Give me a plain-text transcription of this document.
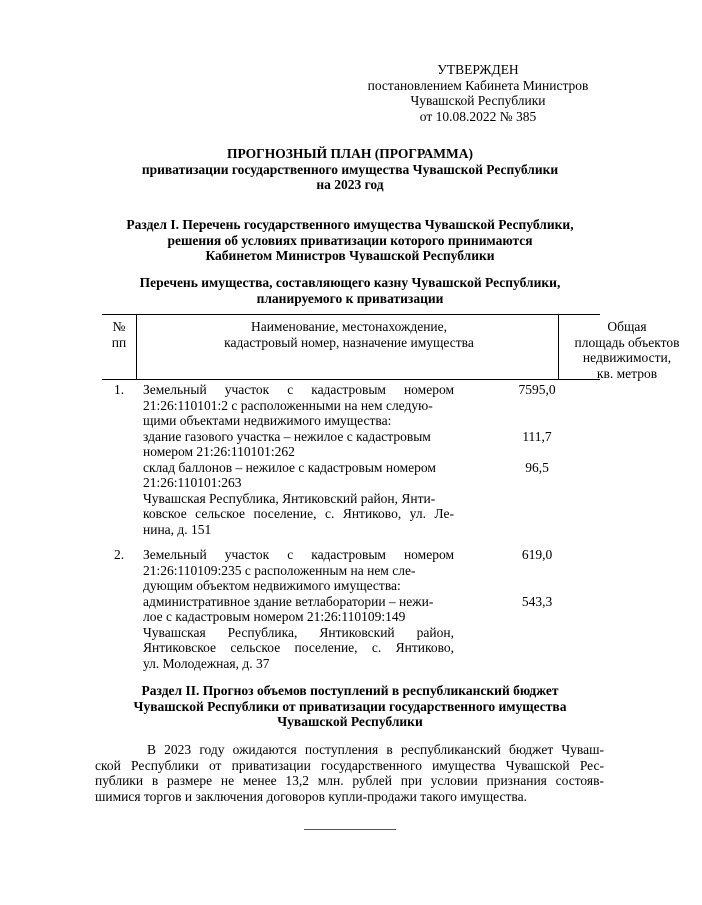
УТВЕРЖДЕН
постановлением Кабинета Министров
Чувашской Республики
от 10.08.2022 № 385
ПРОГНОЗНЫЙ ПЛАН (ПРОГРАММА)
приватизации государственного имущества Чувашской Республики
на 2023 год
Раздел I. Перечень государственного имущества Чувашской Республики,
решения об условиях приватизации которого принимаются
Кабинетом Министров Чувашской Республики
Перечень имущества, составляющего казну Чувашской Республики,
планируемого к приватизации
№
пп
Наименование, местонахождение,
кадастровый номер, назначение имущества
Общая
площадь объектов
недвижимости,
кв. метров
1. Земельный участок с кадастровым номером
21:26:110101:2 с расположенными на нем следую-
щими объектами недвижимого имущества:
здание газового участка – нежилое с кадастровым
номером 21:26:110101:262
склад баллонов – нежилое с кадастровым номером
21:26:110101:263
Чувашская Республика, Янтиковский район, Янти-
ковское сельское поселение, с. Янтиково, ул. Ле-
нина, д. 151
7595,0
111,7
96,5
2. Земельный участок с кадастровым номером
21:26:110109:235 с расположенным на нем сле-
дующим объектом недвижимого имущества:
административное здание ветлаборатории – нежи-
лое с кадастровым номером 21:26:110109:149
Чувашская Республика, Янтиковский район,
Янтиковское сельское поселение, с. Янтиково,
ул. Молодежная, д. 37
619,0
543,3
Раздел II. Прогноз объемов поступлений в республиканский бюджет
Чувашской Республики от приватизации государственного имущества
Чувашской Республики
В 2023 году ожидаются поступления в республиканский бюджет Чуваш-
ской Республики от приватизации государственного имущества Чувашской Рес-
публики в размере не менее 13,2 млн. рублей при условии признания состояв-
шимися торгов и заключения договоров купли-продажи такого имущества.
